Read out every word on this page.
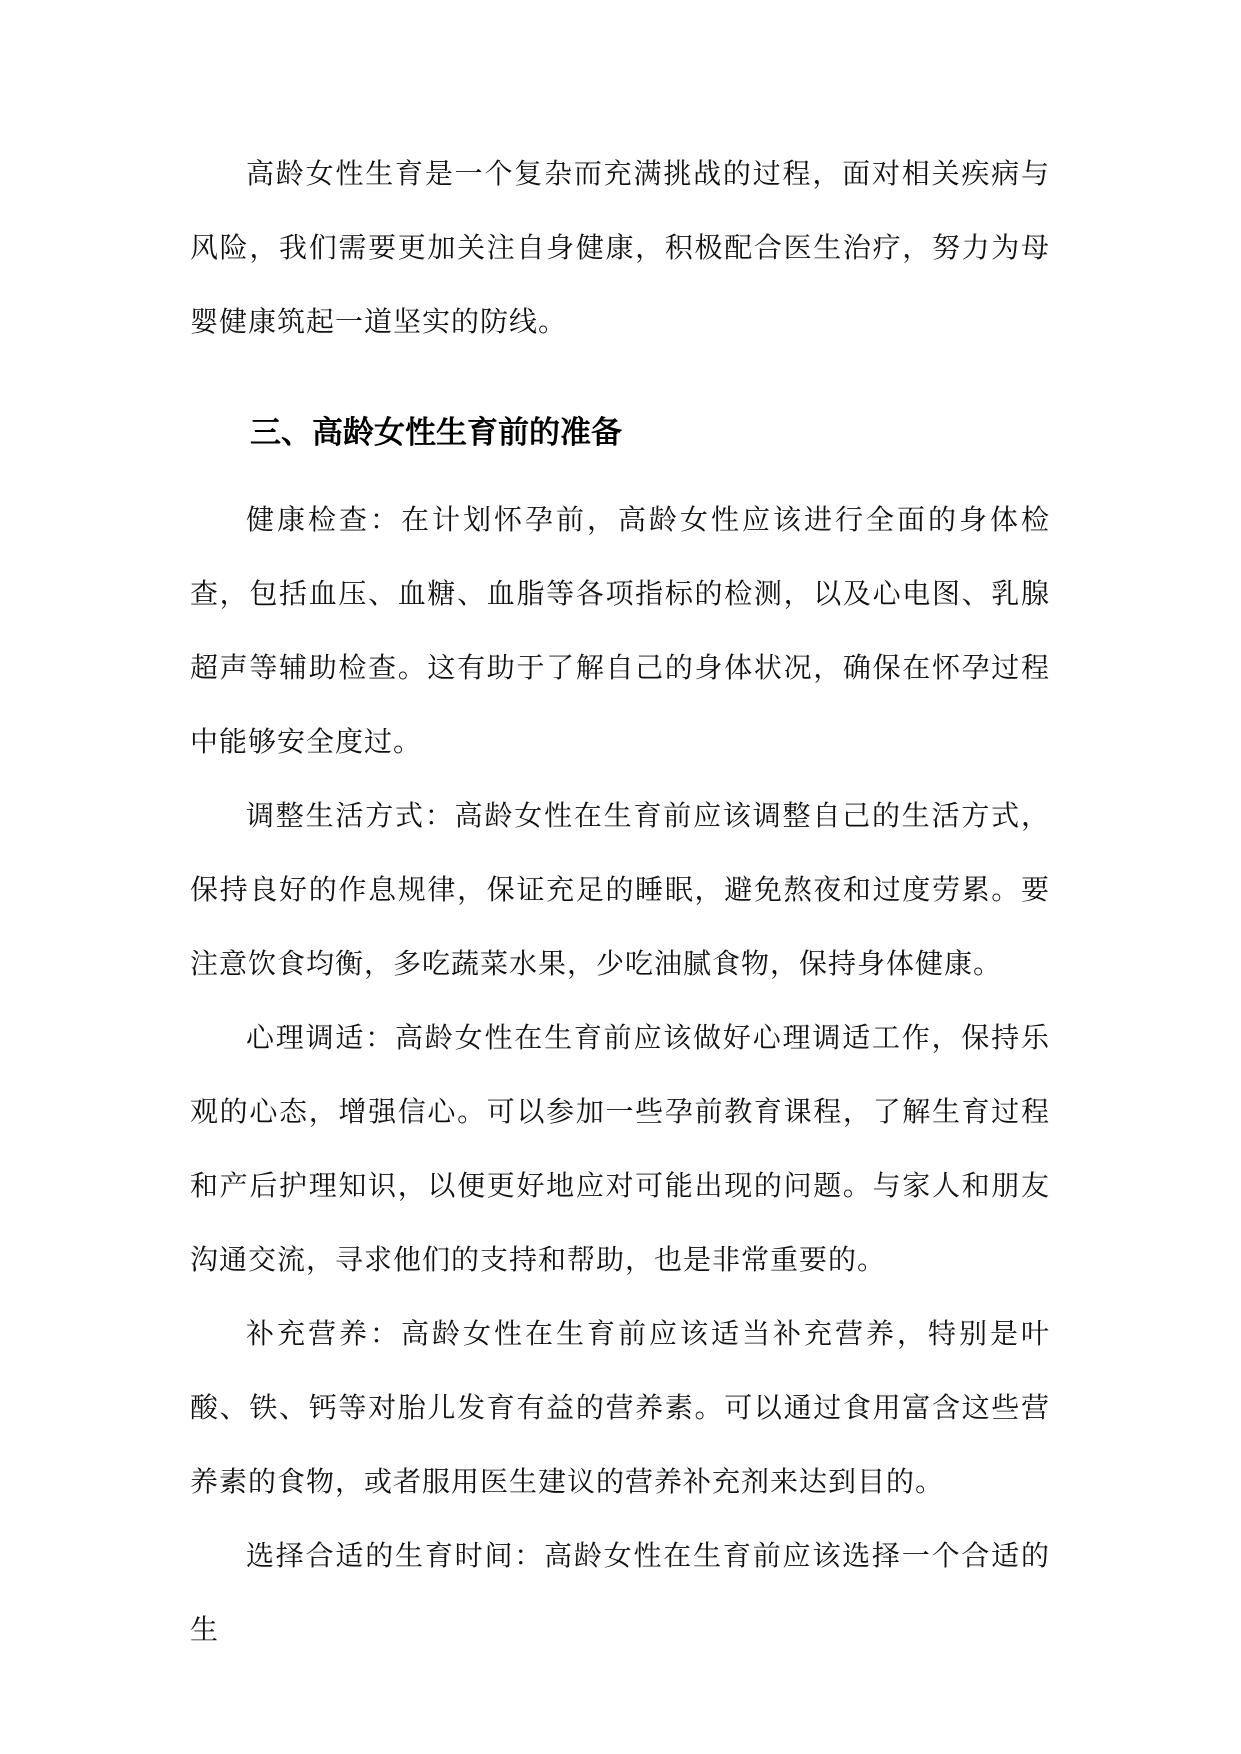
高龄女性生育是一个复杂而充满挑战的过程，面对相关疾病与风险，我们需要更加关注自身健康，积极配合医生治疗，努力为母婴健康筑起一道坚实的防线。

三、高龄女性生育前的准备

健康检查：在计划怀孕前，高龄女性应该进行全面的身体检查，包括血压、血糖、血脂等各项指标的检测，以及心电图、乳腺超声等辅助检查。这有助于了解自己的身体状况，确保在怀孕过程中能够安全度过。

调整生活方式：高龄女性在生育前应该调整自己的生活方式，保持良好的作息规律，保证充足的睡眠，避免熬夜和过度劳累。要注意饮食均衡，多吃蔬菜水果，少吃油腻食物，保持身体健康。

心理调适：高龄女性在生育前应该做好心理调适工作，保持乐观的心态，增强信心。可以参加一些孕前教育课程，了解生育过程和产后护理知识，以便更好地应对可能出现的问题。与家人和朋友沟通交流，寻求他们的支持和帮助，也是非常重要的。

补充营养：高龄女性在生育前应该适当补充营养，特别是叶酸、铁、钙等对胎儿发育有益的营养素。可以通过食用富含这些营养素的食物，或者服用医生建议的营养补充剂来达到目的。

选择合适的生育时间：高龄女性在生育前应该选择一个合适的生
